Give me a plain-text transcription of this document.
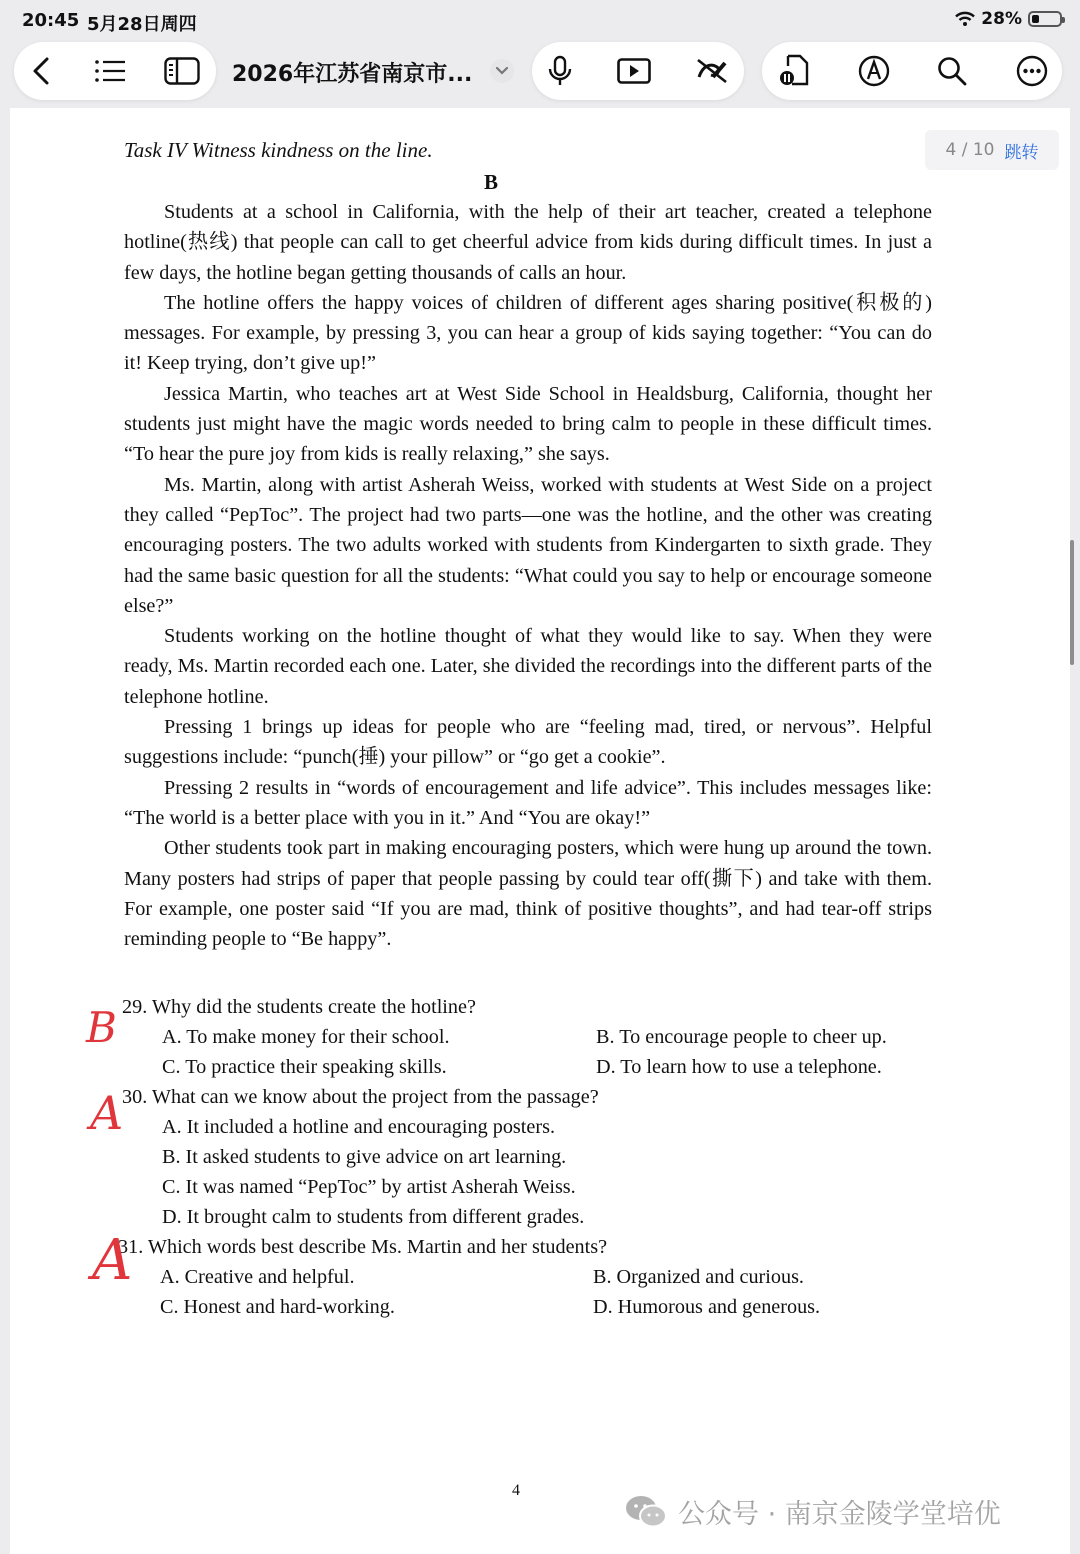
20:45 5月28日周四	28%
2026年江苏省南京市...
4 / 10 跳转
Task IV Witness kindness on the line.
B

Students at a school in California, with the help of their art teacher, created a telephone hotline(热线) that people can call to get cheerful advice from kids during difficult times. In just a few days, the hotline began getting thousands of calls an hour.

The hotline offers the happy voices of children of different ages sharing positive(积极的) messages. For example, by pressing 3, you can hear a group of kids saying together: “You can do it! Keep trying, don’t give up!”

Jessica Martin, who teaches art at West Side School in Healdsburg, California, thought her students just might have the magic words needed to bring calm to people in these difficult times. “To hear the pure joy from kids is really relaxing,” she says.

Ms. Martin, along with artist Asherah Weiss, worked with students at West Side on a project they called “PepToc”. The project had two parts—one was the hotline, and the other was creating encouraging posters. The two adults worked with students from Kindergarten to sixth grade. They had the same basic question for all the students: “What could you say to help or encourage someone else?”

Students working on the hotline thought of what they would like to say. When they were ready, Ms. Martin recorded each one. Later, she divided the recordings into the different parts of the telephone hotline.

Pressing 1 brings up ideas for people who are “feeling mad, tired, or nervous”. Helpful suggestions include: “punch(捶) your pillow” or “go get a cookie”.

Pressing 2 results in “words of encouragement and life advice”. This includes messages like: “The world is a better place with you in it.” And “You are okay!”

Other students took part in making encouraging posters, which were hung up around the town. Many posters had strips of paper that people passing by could tear off(撕下) and take with them. For example, one poster said “If you are mad, think of positive thoughts”, and had tear-off strips reminding people to “Be happy”.

29. Why did the students create the hotline?
A. To make money for their school.	B. To encourage people to cheer up.
C. To practice their speaking skills.	D. To learn how to use a telephone.
B
30. What can we know about the project from the passage?
A. It included a hotline and encouraging posters.
B. It asked students to give advice on art learning.
C. It was named “PepToc” by artist Asherah Weiss.
D. It brought calm to students from different grades.
A
31. Which words best describe Ms. Martin and her students?
A. Creative and helpful.	B. Organized and curious.
C. Honest and hard-working.	D. Humorous and generous.
A
4
公众号 · 南京金陵学堂培优
